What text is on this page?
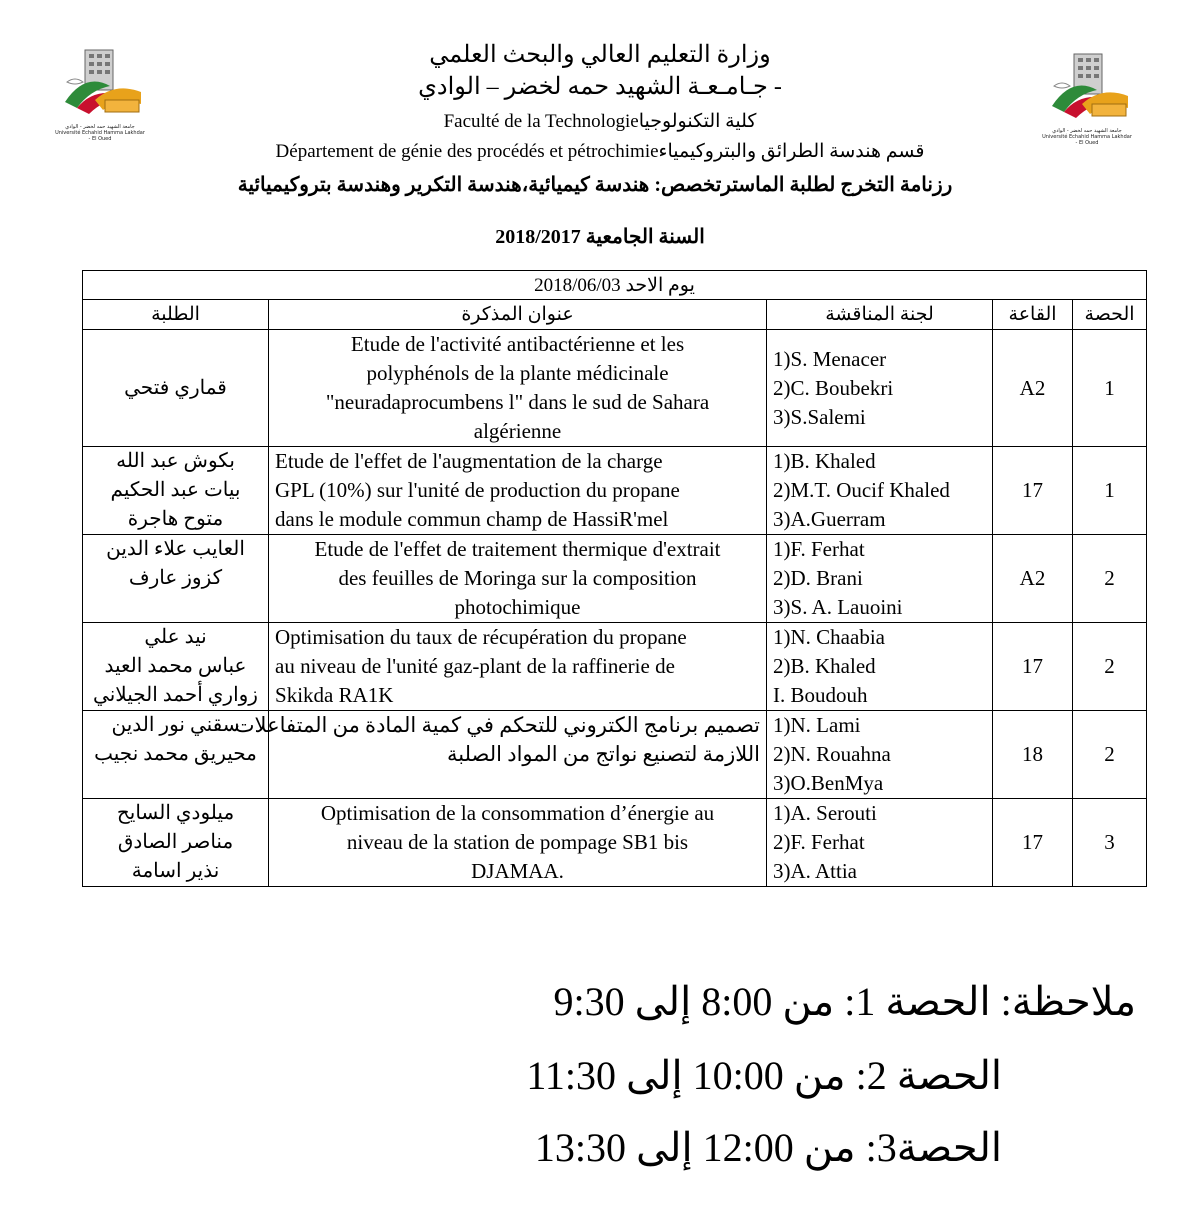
جامعة الشهيد حمه لخضر - الوادي Université Echahid Hamma Lakhdar - El Oued
جامعة الشهيد حمه لخضر - الوادي Université Echahid Hamma Lakhdar - El Oued
وزارة التعليم العالي والبحث العلمي
جـامـعـة الشهيد حمه لخضر – الوادي -
Faculté de la Technologieكلية التكنولوجيا
Département de génie des procédés et pétrochimieقسم هندسة الطرائق والبتروكيمياء
رزنامة التخرج لطلبة الماسترتخصص: هندسة كيميائية،هندسة التكرير وهندسة بتروكيميائية
السنة الجامعية 2018/2017
يوم الاحد 2018/06/03				
الحصة	القاعة	لجنة المناقشة	عنوان المذكرة	الطلبة
1	A2	1)S. Menacer
2)C. Boubekri
3)S.Salemi	Etude de l'activité antibactérienne et les
polyphénols de la plante médicinale
"neuradaprocumbens l" dans le sud de Sahara
algérienne	قماري فتحي

1	17	1)B. Khaled
2)M.T. Oucif Khaled
3)A.Guerram	Etude de l'effet de l'augmentation de la charge
GPL (10%) sur l'unité de production du propane
dans le module commun champ de HassiR'mel	بكوش عبد الله
بيات عبد الحكيم
متوح هاجرة

2	A2	1)F. Ferhat
2)D. Brani
3)S. A. Lauoini	Etude de l'effet de traitement thermique d'extrait
des feuilles de Moringa sur la composition
photochimique	العايب علاء الدين
كزوز عارف

2	17	1)N. Chaabia
2)B. Khaled
I. Boudouh	Optimisation du taux de récupération du propane
au niveau de l'unité gaz-plant de la raffinerie de
Skikda RA1K	نيد علي
عباس محمد العيد
زواري أحمد الجيلاني

2	18	1)N. Lami
2)N. Rouahna
3)O.BenMya	تصميم برنامج الكتروني للتحكم في كمية المادة من المتفاعلات
اللازمة لتصنيع نواتج من المواد الصلبة	سقني نور الدين
محيريق محمد نجيب

3	17	1)A. Serouti
2)F. Ferhat
3)A. Attia	Optimisation de la consommation d’énergie au
niveau de la station de pompage SB1 bis
DJAMAA.	ميلودي السايح
مناصر الصادق
نذير اسامة
ملاحظة: الحصة 1: من 8:00 إلى 9:30
الحصة 2: من 10:00 إلى 11:30
الحصة3: من 12:00 إلى 13:30
